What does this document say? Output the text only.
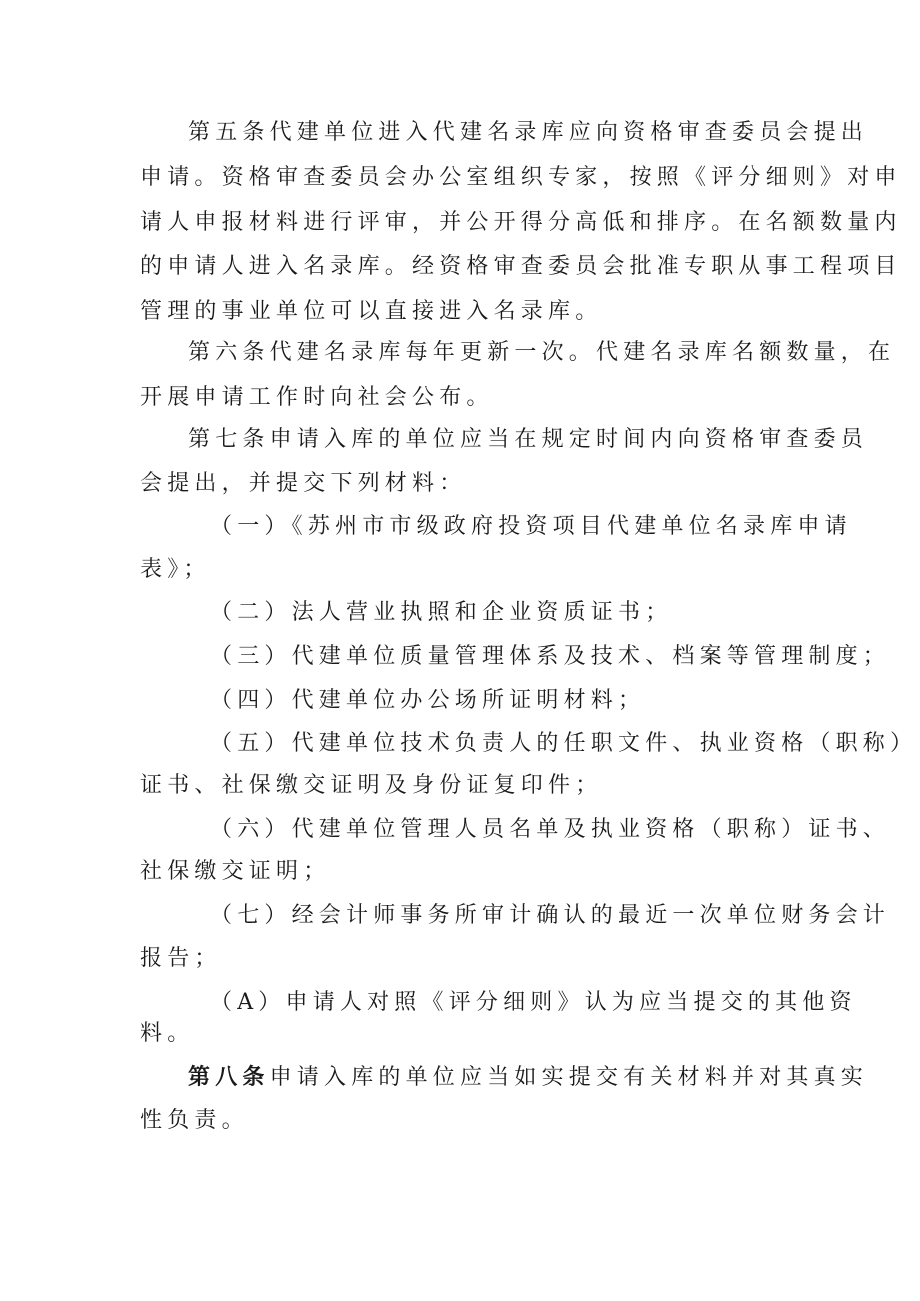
第五条代建单位进入代建名录库应向资格审查委员会提出
申请。资格审查委员会办公室组织专家，按照《评分细则》对申
请人申报材料进行评审，并公开得分高低和排序。在名额数量内
的申请人进入名录库。经资格审查委员会批准专职从事工程项目
管理的事业单位可以直接进入名录库。
第六条代建名录库每年更新一次。代建名录库名额数量，在
开展申请工作时向社会公布。
第七条申请入库的单位应当在规定时间内向资格审查委员
会提出，并提交下列材料：
（一）《苏州市市级政府投资项目代建单位名录库申请
表》；
（二）法人营业执照和企业资质证书；
（三）代建单位质量管理体系及技术、档案等管理制度；
（四）代建单位办公场所证明材料；
（五）代建单位技术负责人的任职文件、执业资格（职称）
证书、社保缴交证明及身份证复印件；
（六）代建单位管理人员名单及执业资格（职称）证书、
社保缴交证明；
（七）经会计师事务所审计确认的最近一次单位财务会计
报告；
（A）申请人对照《评分细则》认为应当提交的其他资
料。
第八条申请入库的单位应当如实提交有关材料并对其真实
性负责。
